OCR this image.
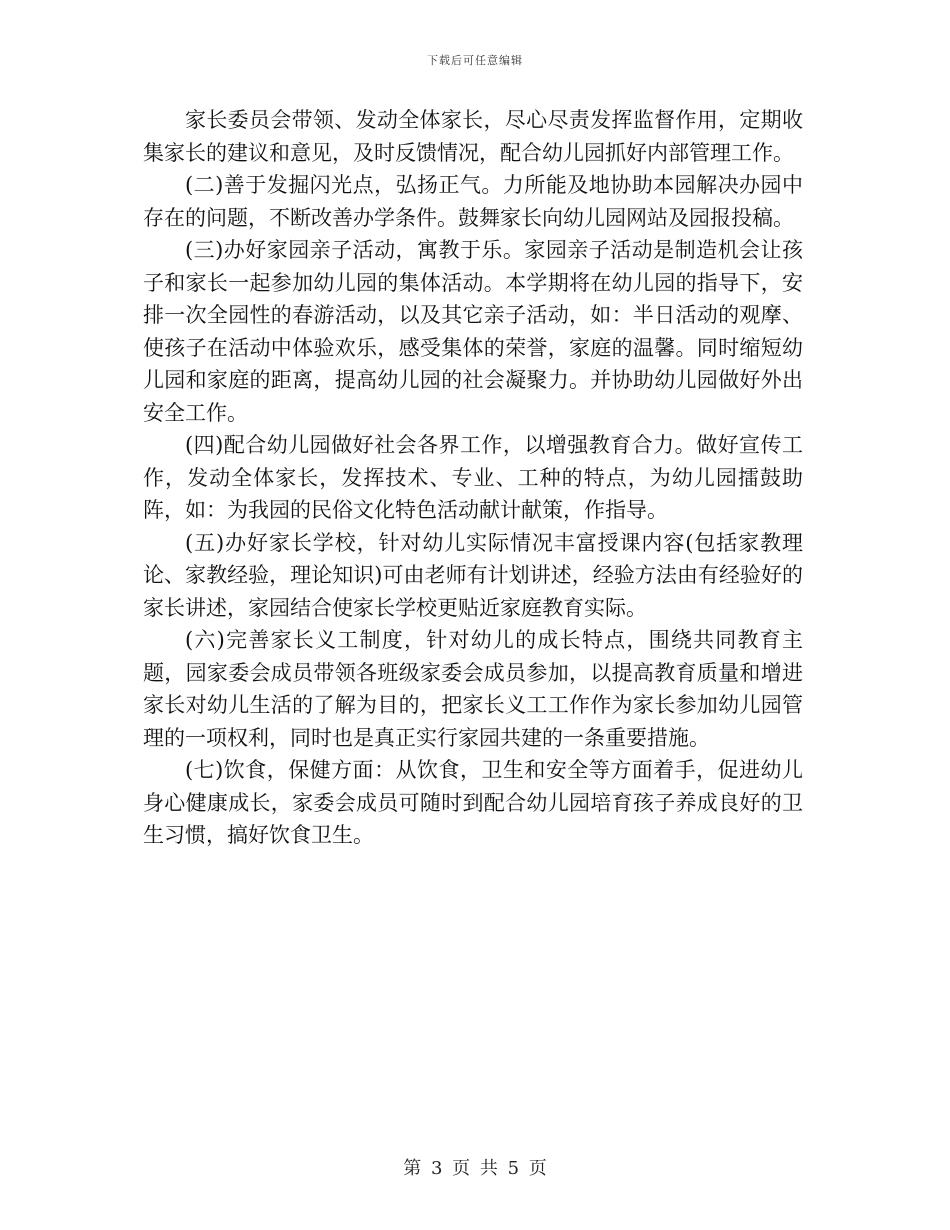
下载后可任意编辑

家长委员会带领、发动全体家长，尽心尽责发挥监督作用，定期收集家长的建议和意见，及时反馈情况，配合幼儿园抓好内部管理工作。

(二)善于发掘闪光点，弘扬正气。力所能及地协助本园解决办园中存在的问题，不断改善办学条件。鼓舞家长向幼儿园网站及园报投稿。

(三)办好家园亲子活动，寓教于乐。家园亲子活动是制造机会让孩子和家长一起参加幼儿园的集体活动。本学期将在幼儿园的指导下，安排一次全园性的春游活动，以及其它亲子活动，如：半日活动的观摩、使孩子在活动中体验欢乐，感受集体的荣誉，家庭的温馨。同时缩短幼儿园和家庭的距离，提高幼儿园的社会凝聚力。并协助幼儿园做好外出安全工作。

(四)配合幼儿园做好社会各界工作，以增强教育合力。做好宣传工作，发动全体家长，发挥技术、专业、工种的特点，为幼儿园擂鼓助阵，如：为我园的民俗文化特色活动献计献策，作指导。

(五)办好家长学校，针对幼儿实际情况丰富授课内容(包括家教理论、家教经验，理论知识)可由老师有计划讲述，经验方法由有经验好的家长讲述，家园结合使家长学校更贴近家庭教育实际。

(六)完善家长义工制度，针对幼儿的成长特点，围绕共同教育主题，园家委会成员带领各班级家委会成员参加，以提高教育质量和增进家长对幼儿生活的了解为目的，把家长义工工作作为家长参加幼儿园管理的一项权利，同时也是真正实行家园共建的一条重要措施。

(七)饮食，保健方面：从饮食，卫生和安全等方面着手，促进幼儿身心健康成长，家委会成员可随时到配合幼儿园培育孩子养成良好的卫生习惯，搞好饮食卫生。

第 3 页 共 5 页
